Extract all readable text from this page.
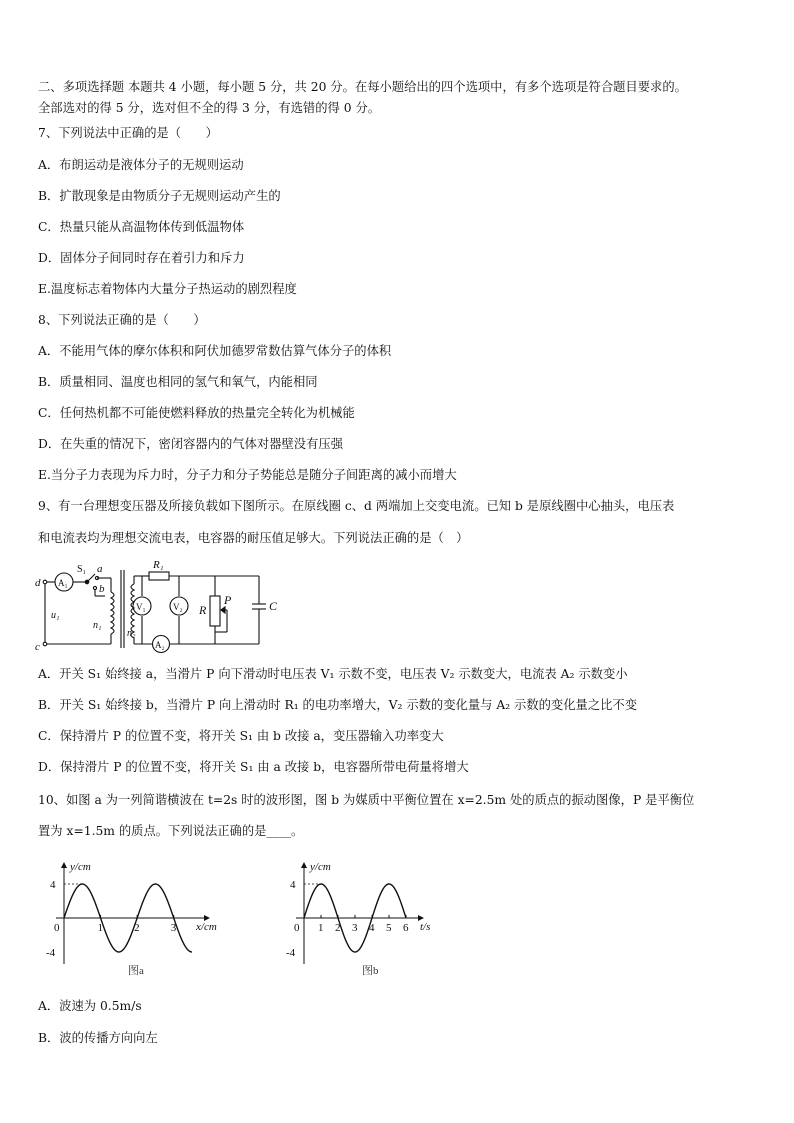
二、多项选择题 本题共 4 小题，每小题 5 分，共 20 分。在每小题给出的四个选项中，有多个选项是符合题目要求的。
全部选对的得 5 分，选对但不全的得 3 分，有选错的得 0 分。
7、下列说法中正确的是（　　）
A．布朗运动是液体分子的无规则运动
B．扩散现象是由物质分子无规则运动产生的
C．热量只能从高温物体传到低温物体
D．固体分子间同时存在着引力和斥力
E.温度标志着物体内大量分子热运动的剧烈程度
8、下列说法正确的是（　　）
A．不能用气体的摩尔体积和阿伏加德罗常数估算气体分子的体积
B．质量相同、温度也相同的氢气和氧气，内能相同
C．任何热机都不可能使燃料释放的热量完全转化为机械能
D．在失重的情况下，密闭容器内的气体对器壁没有压强
E.当分子力表现为斥力时，分子力和分子势能总是随分子间距离的减小而增大
9、有一台理想变压器及所接负载如下图所示。在原线圈 c、d 两端加上交变电流。已知 b 是原线圈中心抽头，电压表
和电流表均为理想交流电表，电容器的耐压值足够大。下列说法正确的是（　）
d
c
A₁
S₁ a
b
u₁
n₁
n₂
R₁
V₁	V₂ R
P	C
A₂
A．开关 S₁ 始终接 a，当滑片 P 向下滑动时电压表 V₁ 示数不变，电压表 V₂ 示数变大，电流表 A₂ 示数变小
B．开关 S₁ 始终接 b，当滑片 P 向上滑动时 R₁ 的电功率增大，V₂ 示数的变化量与 A₂ 示数的变化量之比不变
C．保持滑片 P 的位置不变，将开关 S₁ 由 b 改接 a，变压器输入功率变大
D．保持滑片 P 的位置不变，将开关 S₁ 由 a 改接 b，电容器所带电荷量将增大
10、如图 a 为一列简谐横波在 t=2s 时的波形图，图 b 为媒质中平衡位置在 x=2.5m 处的质点的振动图像，P 是平衡位
置为 x=1.5m 的质点。下列说法正确的是____。
0	1	2	3
4
-4
y/cm
x/cm
图a
0 1 2 3 4 5 6
4
-4
y/cm
t/s
图b
A．波速为 0.5m/s
B．波的传播方向向左
